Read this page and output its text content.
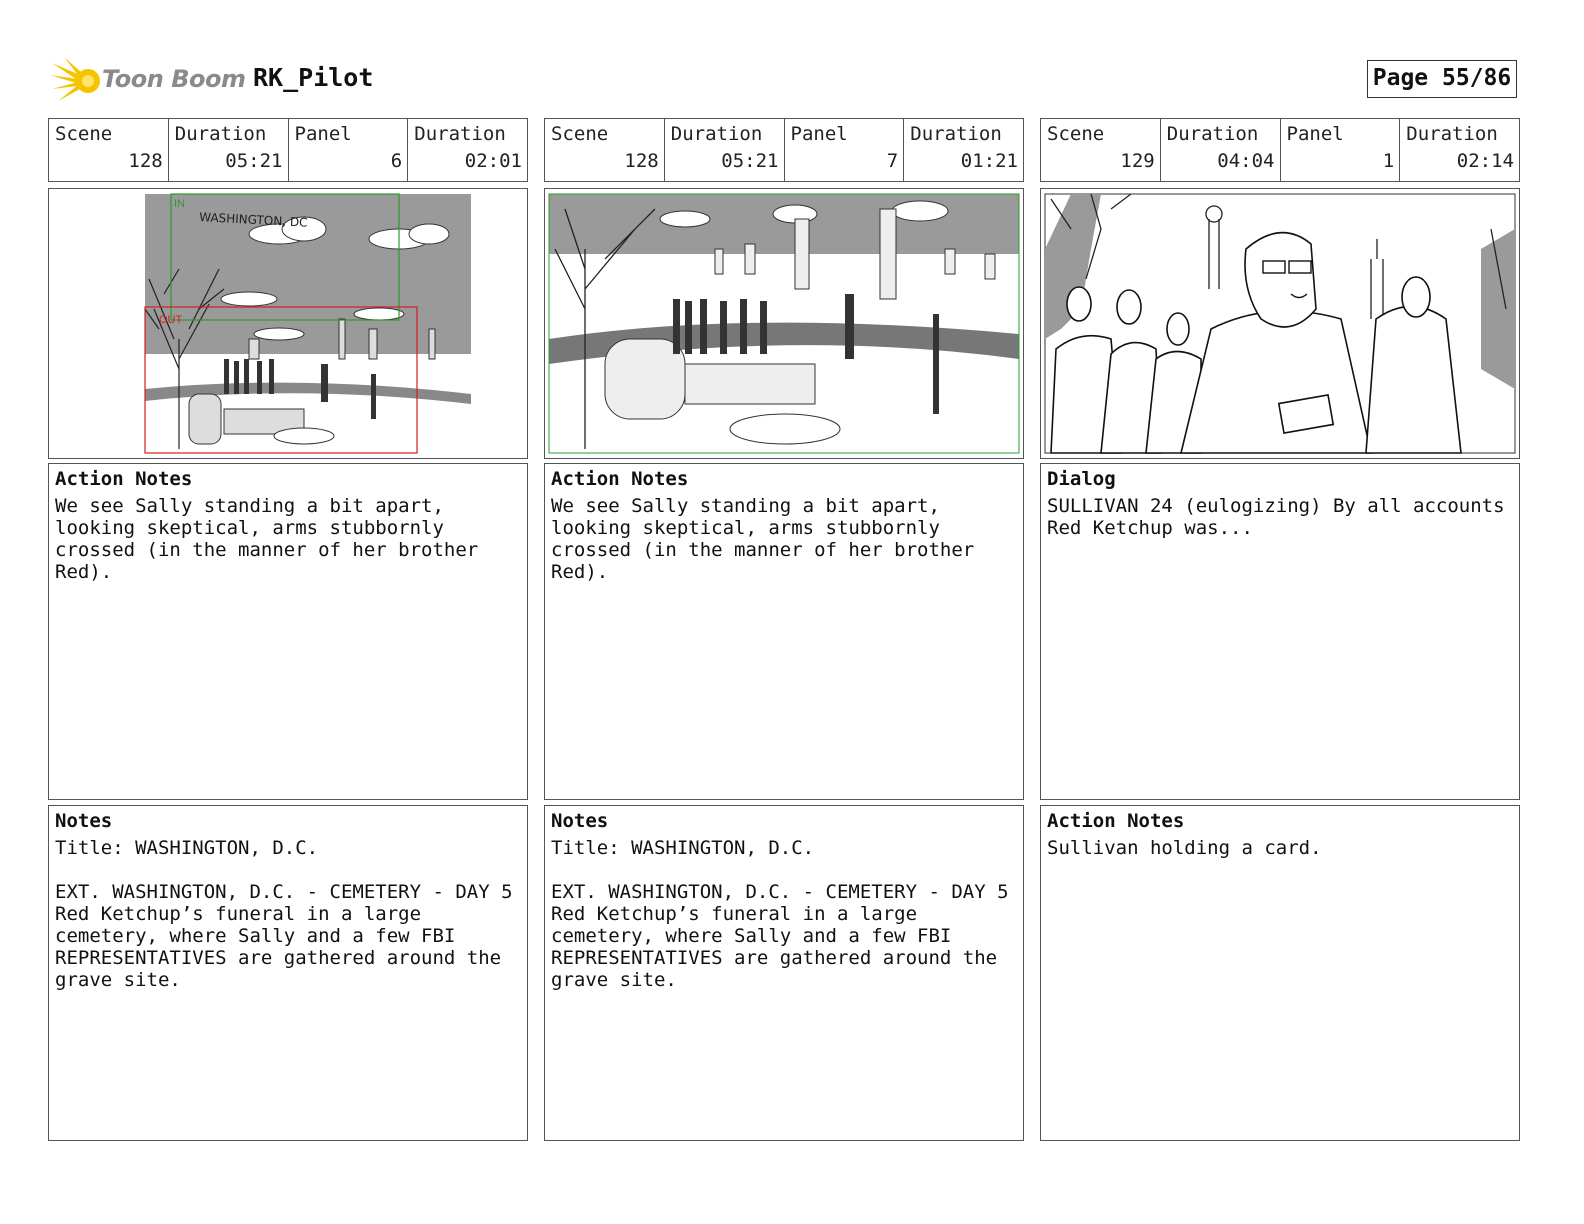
Toon Boom RK_Pilot	Page 55/86
Scene
128
Duration
05:21
Panel
6
Duration
02:01
IN
OUT
WASHINGTON, DC
Action Notes
We see Sally standing a bit apart,
looking skeptical, arms stubbornly
crossed (in the manner of her brother
Red).
Notes
Title: WASHINGTON, D.C.

EXT. WASHINGTON, D.C. - CEMETERY - DAY 5
Red Ketchup’s funeral in a large
cemetery, where Sally and a few FBI
REPRESENTATIVES are gathered around the
grave site.
Scene
128
Duration
05:21
Panel
7
Duration
01:21
Action Notes
We see Sally standing a bit apart,
looking skeptical, arms stubbornly
crossed (in the manner of her brother
Red).
Notes
Title: WASHINGTON, D.C.

EXT. WASHINGTON, D.C. - CEMETERY - DAY 5
Red Ketchup’s funeral in a large
cemetery, where Sally and a few FBI
REPRESENTATIVES are gathered around the
grave site.
Scene
129
Duration
04:04
Panel
1
Duration
02:14
Dialog
SULLIVAN 24 (eulogizing) By all accounts
Red Ketchup was...
Action Notes
Sullivan holding a card.
